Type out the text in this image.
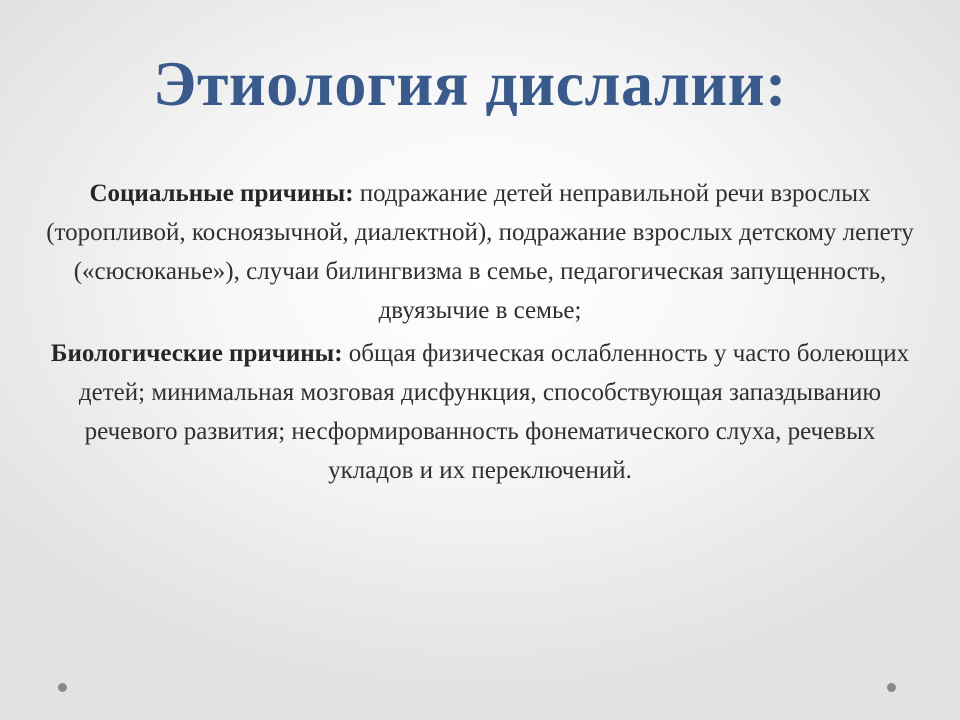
Этиология дислалии:

Социальные причины: подражание детей неправильной речи взрослых (торопливой, косноязычной, диалектной), подражание взрослых детскому лепету («сюсюканье»), случаи билингвизма в семье, педагогическая запущенность, двуязычие в семье;

Биологические причины: общая физическая ослабленность у часто болеющих детей; минимальная мозговая дисфункция, способствующая запаздыванию речевого развития; несформированность фонематического слуха, речевых укладов и их переключений.
